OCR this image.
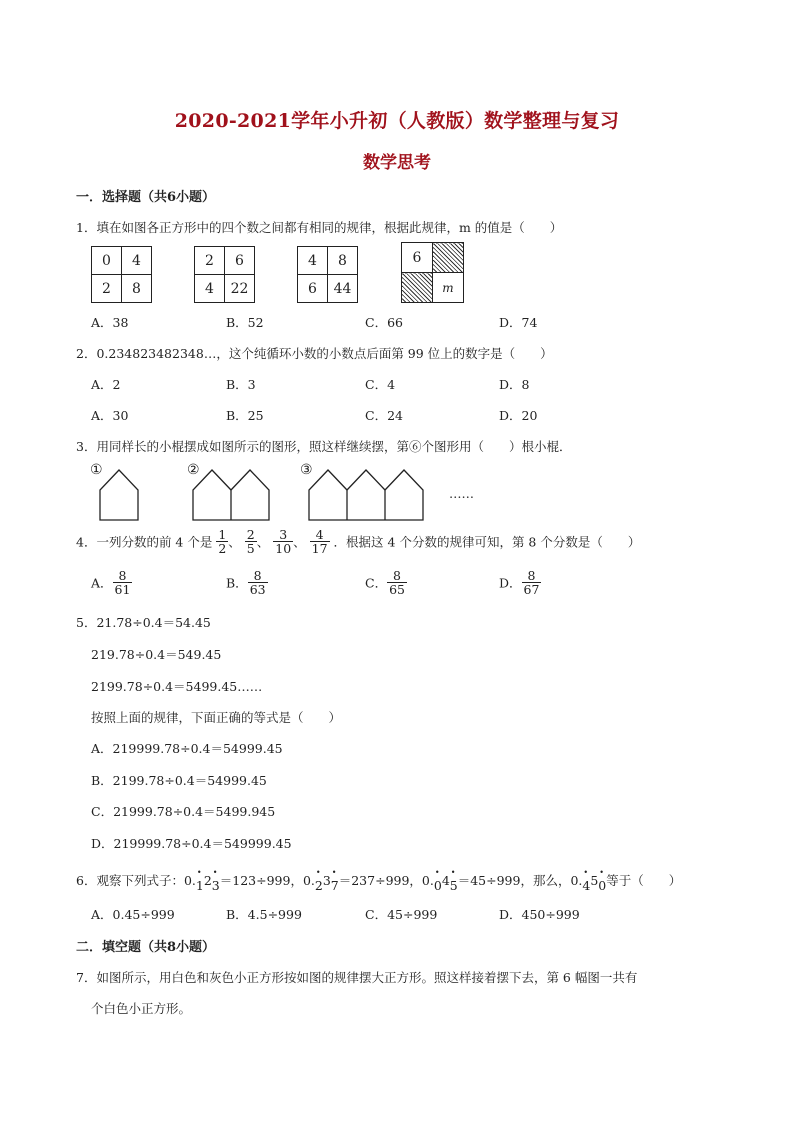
2020-2021学年小升初（人教版）数学整理与复习
数学思考
一．选择题（共6小题）
1．填在如图各正方形中的四个数之间都有相同的规律，根据此规律，m 的值是（　　）
0	4
2	8
2	6
4	22
4	8
6	44
6	
	m
A．38	B．52	C．66	D．74
2．0.234823482348…，这个纯循环小数的小数点后面第 99 位上的数字是（　　）
A．2	B．3	C．4	D．8
A．30	B．25	C．24	D．20
3．用同样长的小棍摆成如图所示的图形，照这样继续摆，第⑥个图形用（　　）根小棍．
①	②	③
……
4．一列分数的前 4 个是 $\frac{1}{2}$ 、 $\frac{2}{5}$ 、 $\frac{3}{10}$ 、 $\frac{4}{17}$ ．根据这 4 个分数的规律可知，第 8 个分数是（　　）
A． $\frac{8}{61}$	B． $\frac{8}{63}$	C． $\frac{8}{65}$	D． $\frac{8}{67}$
5．21.78÷0.4＝54.45
219.78÷0.4＝549.45
2199.78÷0.4＝5499.45……
按照上面的规律，下面正确的等式是（　　）
A．219999.78÷0.4＝54999.45
B．2199.78÷0.4＝54999.45
C．21999.78÷0.4＝5499.945
D．219999.78÷0.4＝549999.45
6．观察下列式子：0.• 12• 3＝123÷999，0.• 23• 7＝237÷999，0.• 04• 5＝45÷999，那么，0.• 45• 0等于（　　）
A．0.45÷999	B．4.5÷999	C．45÷999	D．450÷999
二．填空题（共8小题）
7．如图所示，用白色和灰色小正方形按如图的规律摆大正方形。照这样接着摆下去，第 6 幅图一共有
个白色小正方形。
